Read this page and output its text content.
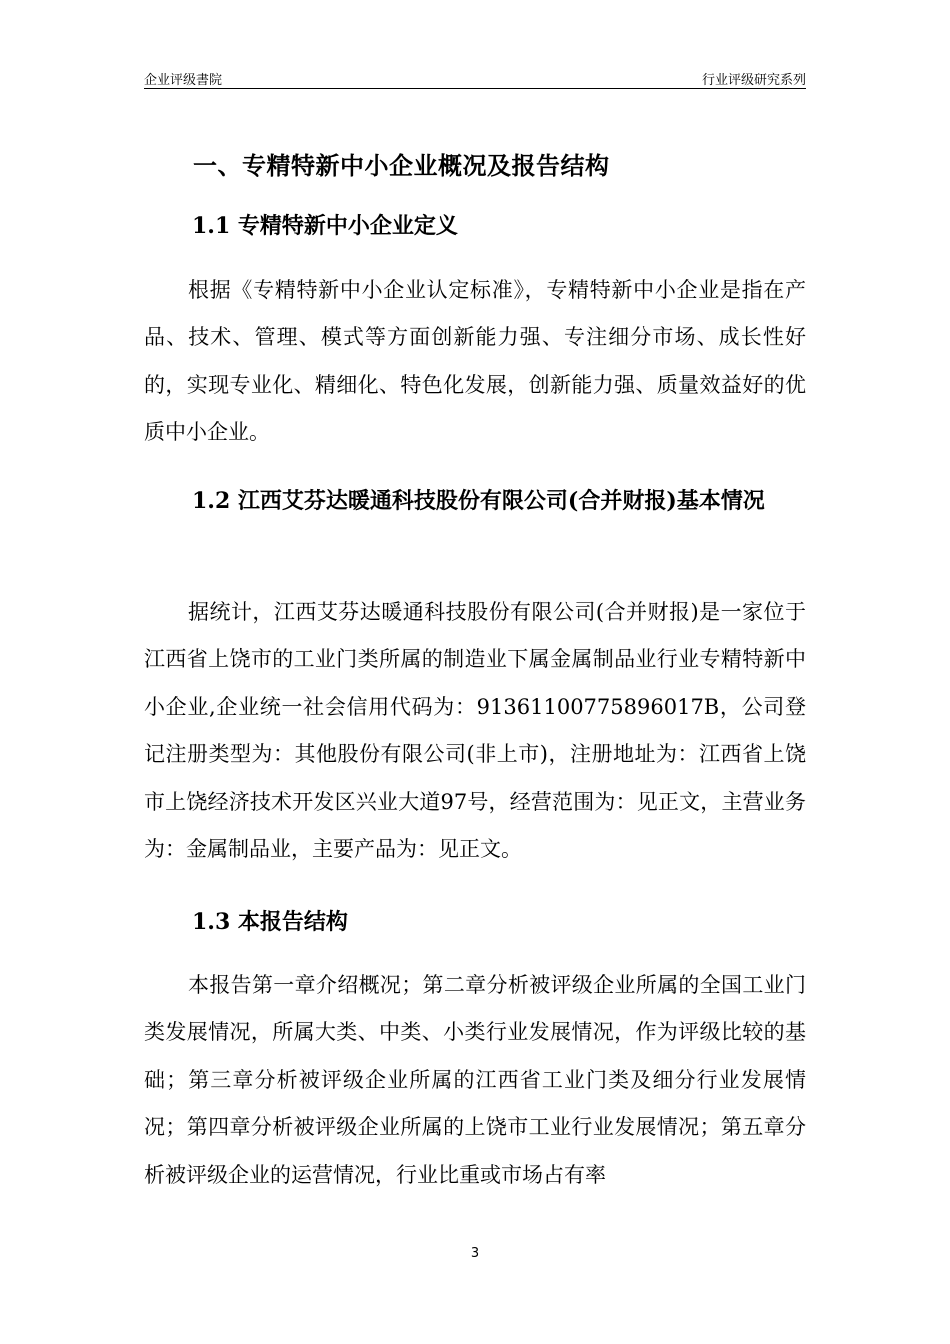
企业评级書院	行业评级研究系列
一、专精特新中小企业概况及报告结构
1.1 专精特新中小企业定义
根据《专精特新中小企业认定标准》，专精特新中小企业是指在产品、技术、管理、模式等方面创新能力强、专注细分市场、成长性好的，实现专业化、精细化、特色化发展，创新能力强、质量效益好的优质中小企业。
1.2 江西艾芬达暖通科技股份有限公司(合并财报)基本情况
据统计，江西艾芬达暖通科技股份有限公司(合并财报)是一家位于江西省上饶市的工业门类所属的制造业下属金属制品业行业专精特新中小企业,企业统一社会信用代码为：91361100775896017B，公司登记注册类型为：其他股份有限公司(非上市)，注册地址为：江西省上饶市上饶经济技术开发区兴业大道97号，经营范围为：见正文，主营业务为：金属制品业，主要产品为：见正文。
1.3 本报告结构
本报告第一章介绍概况；第二章分析被评级企业所属的全国工业门类发展情况，所属大类、中类、小类行业发展情况，作为评级比较的基础；第三章分析被评级企业所属的江西省工业门类及细分行业发展情况；第四章分析被评级企业所属的上饶市工业行业发展情况；第五章分析被评级企业的运营情况，行业比重或市场占有率
3
